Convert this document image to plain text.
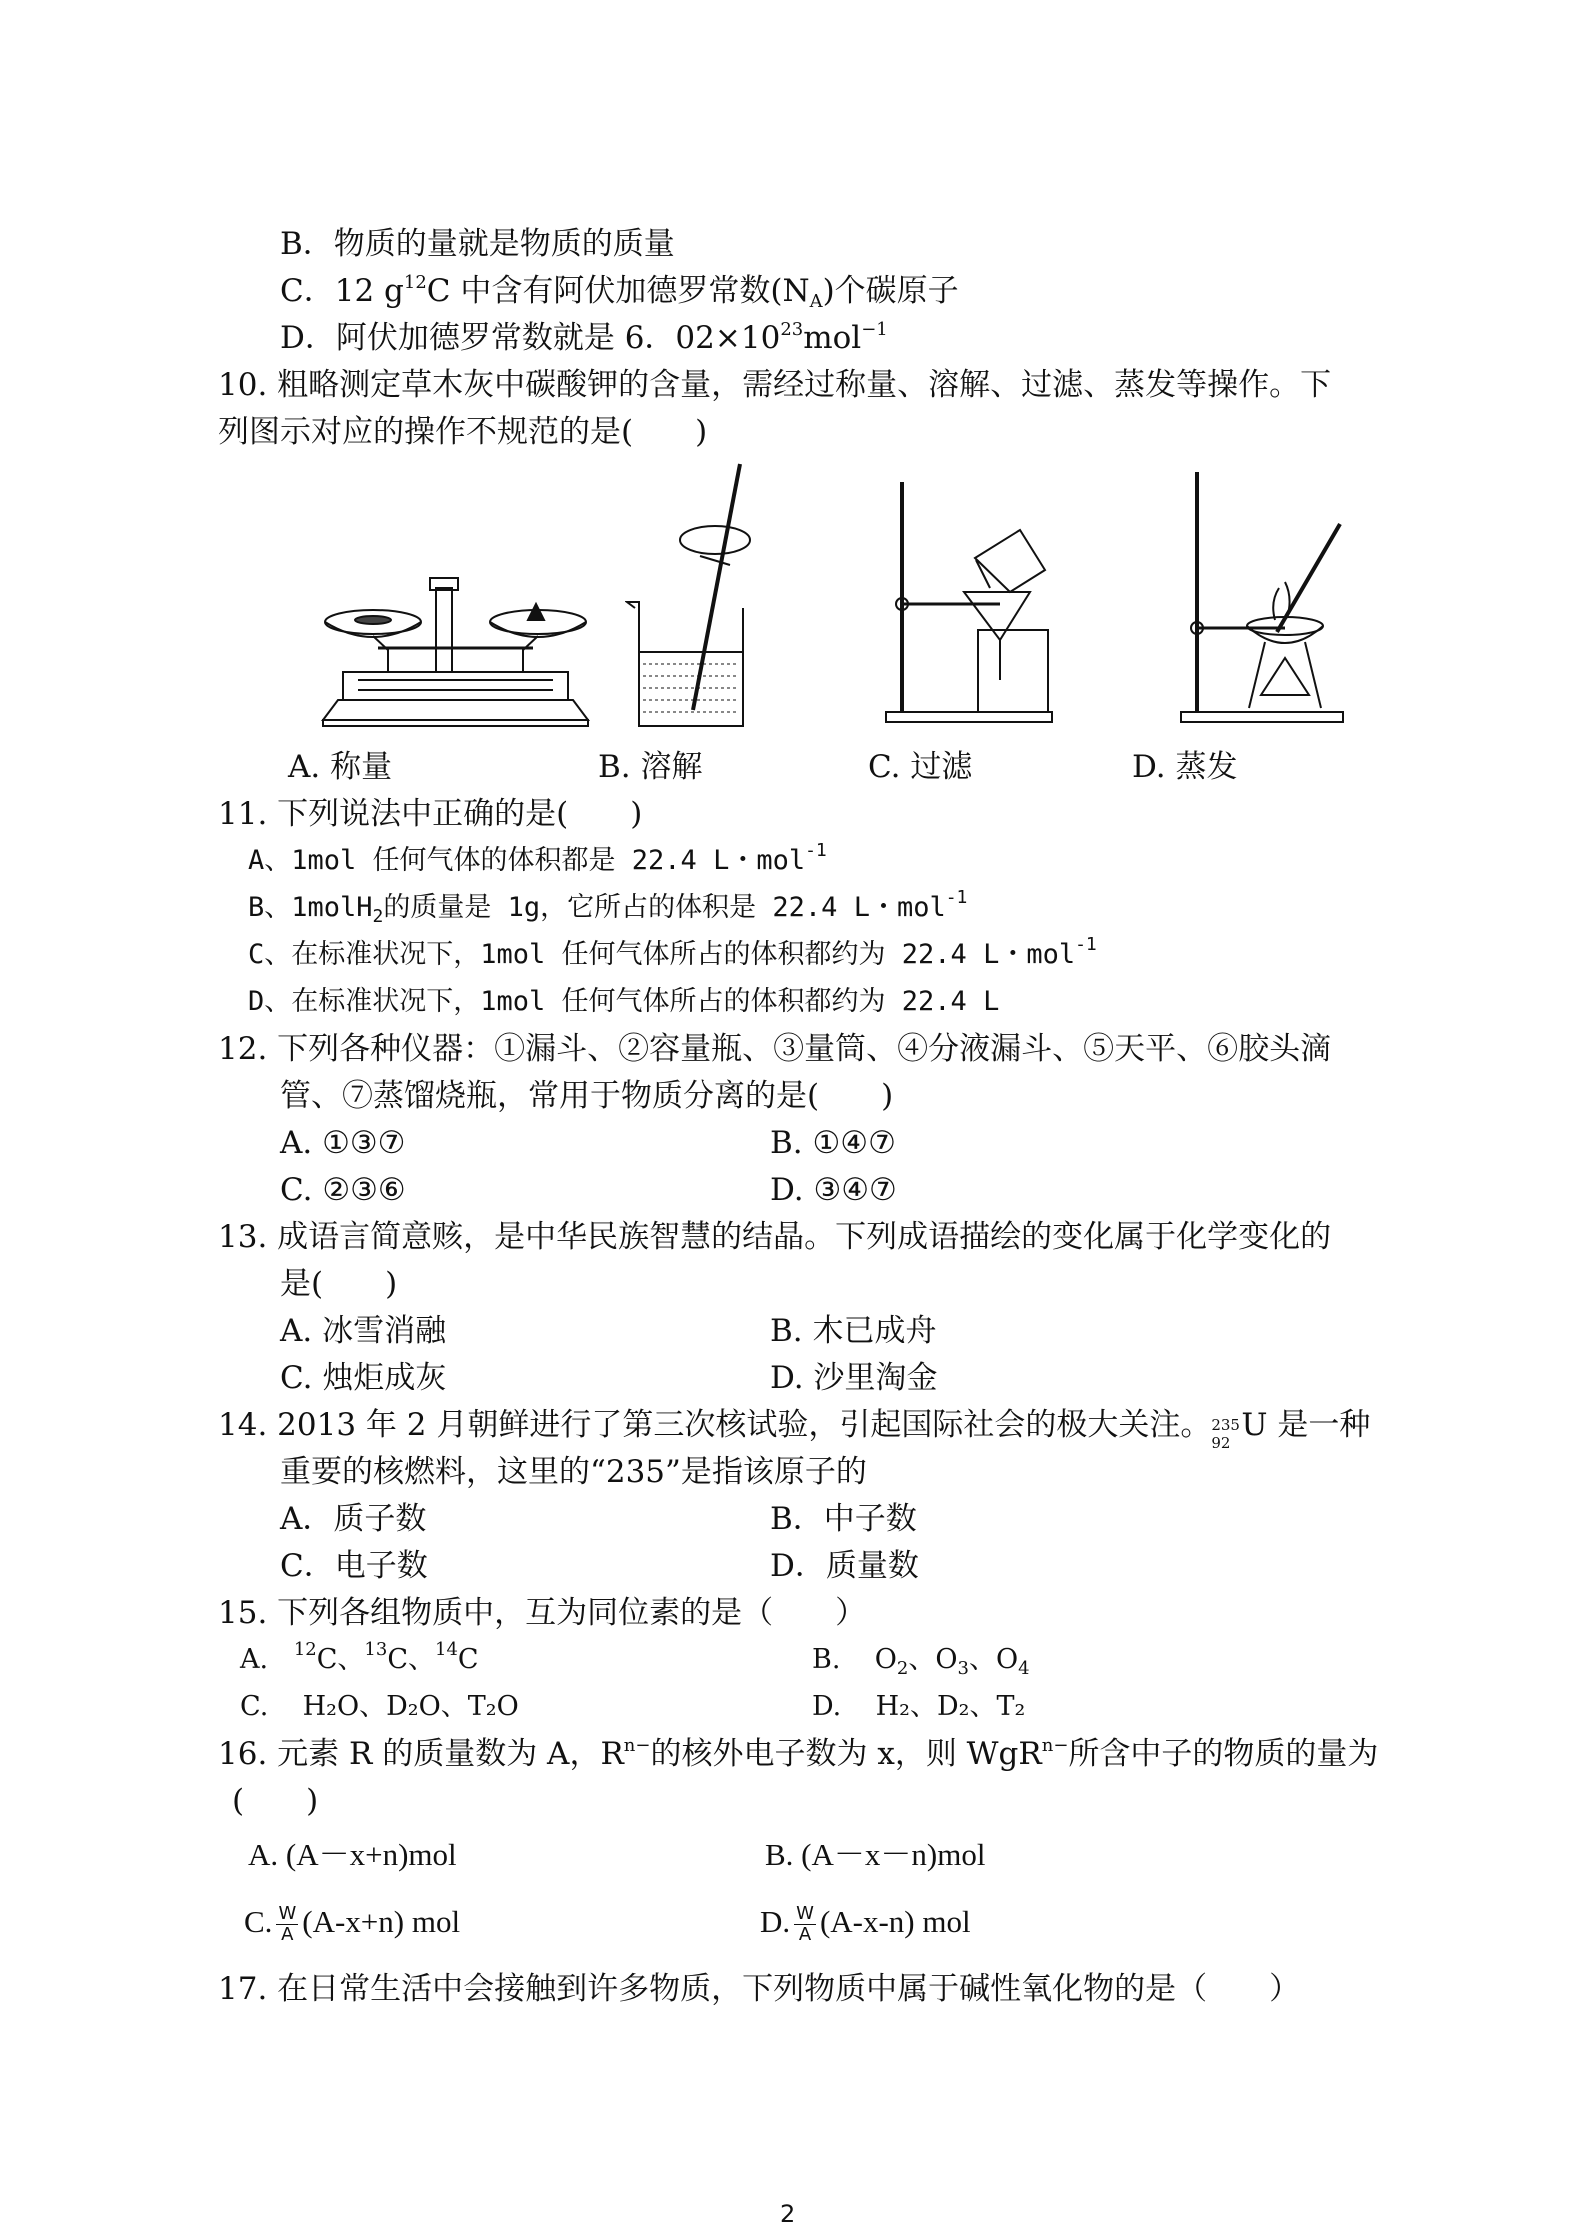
B．物质的量就是物质的质量
C．12 $g^{12}C$ 中含有阿伏加德罗常数$(N_A)$个碳原子
D．阿伏加德罗常数就是 6．$02\times 10^{23}mol^{-1}$
10. 粗略测定草木灰中碳酸钾的含量，需经过称量、溶解、过滤、蒸发等操作。下
列图示对应的操作不规范的是(　　)
A. 称量	B. 溶解	C. 过滤	D. 蒸发
11. 下列说法中正确的是(　　)
A、1mol 任何气体的体积都是 22.4 L・mol$^{-1}$
B、1molH$_2$的质量是 1g，它所占的体积是 22.4 L・mol$^{-1}$
C、在标准状况下，1mol 任何气体所占的体积都约为 22.4 L・mol$^{-1}$
D、在标准状况下，1mol 任何气体所占的体积都约为 22.4 L
12. 下列各种仪器：①漏斗、②容量瓶、③量筒、④分液漏斗、⑤天平、⑥胶头滴
管、⑦蒸馏烧瓶，常用于物质分离的是(　　)
A. ①③⑦	B. ①④⑦
C. ②③⑥	D. ③④⑦
13. 成语言简意赅，是中华民族智慧的结晶。下列成语描绘的变化属于化学变化的
是(　　)
A. 冰雪消融	B. 木已成舟
C. 烛炬成灰	D. 沙里淘金
14. 2013 年 2 月朝鲜进行了第三次核试验，引起国际社会的极大关注。 235
92 U 是一种
重要的核燃料，这里的“235”是指该原子的
A．质子数	B．中子数
C．电子数	D．质量数
15. 下列各组物质中，互为同位素的是（　　）
A. $^{12}$C、$^{13}$C、$^{14}$C	B. $O_2$、$O_3$、$O_4$
C. H₂O、D₂O、T₂O	D. H₂、D₂、T₂
16. 元素 R 的质量数为 A，$R^{n-}$的核外电子数为 x，则 WgR$^{n-}$所含中子的物质的量为
(　　)
A. (A－x+n)mol	B. (A－x－n)mol
C. $\frac{W}{A} (A-x+n)$ mol	D. $\frac{W}{A} (A-x-n)$ mol
17. 在日常生活中会接触到许多物质，下列物质中属于碱性氧化物的是（　　）
2
